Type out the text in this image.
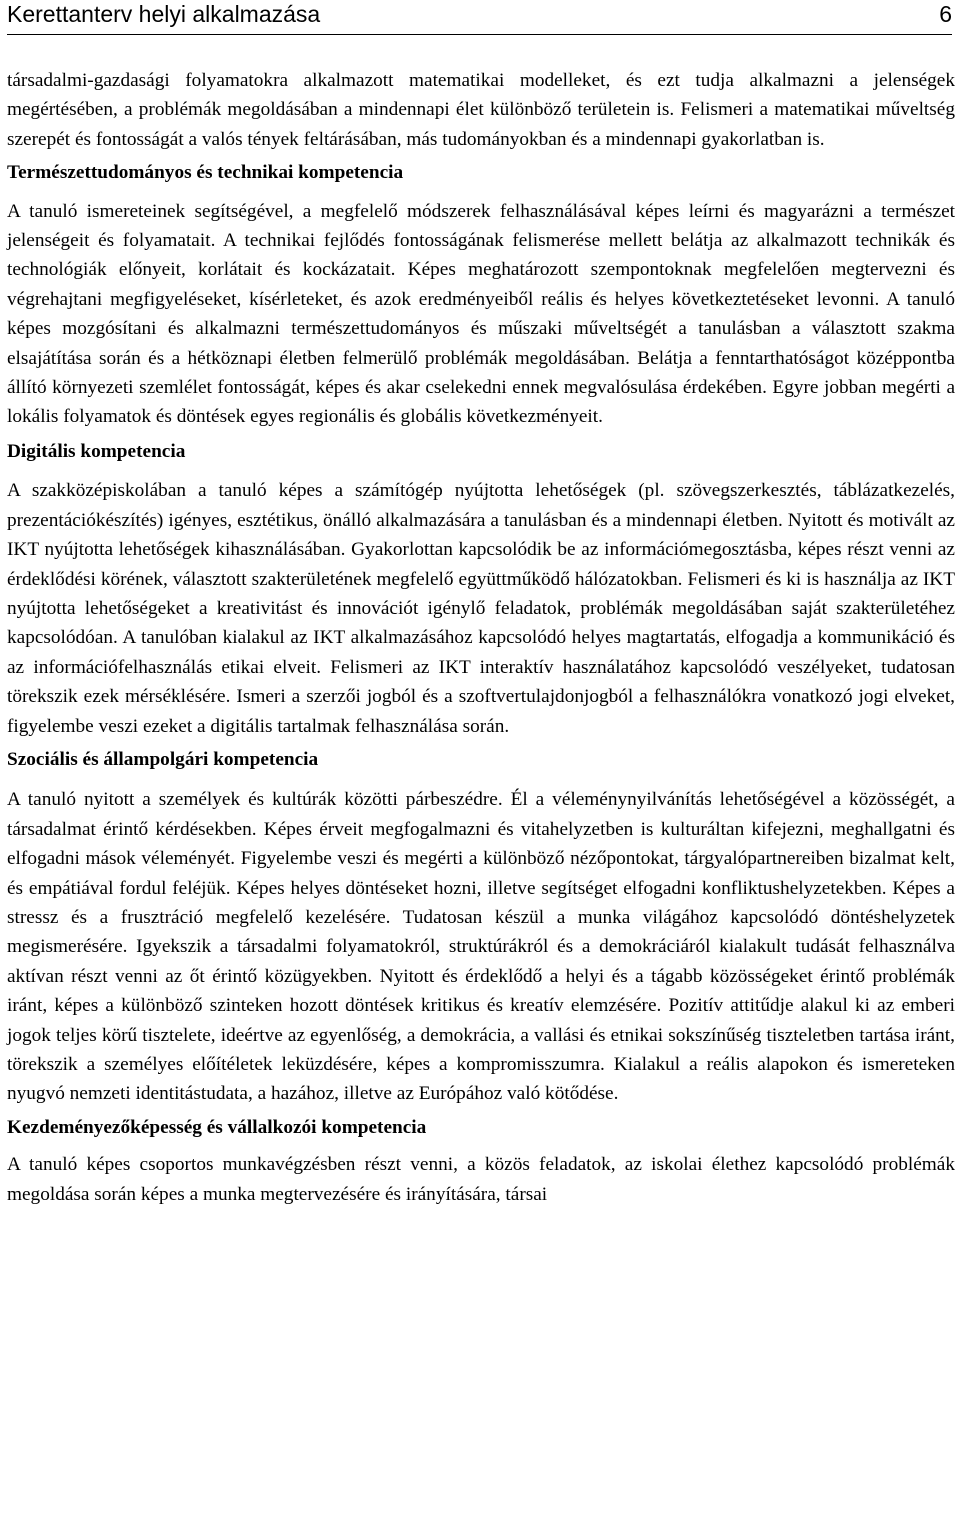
Kerettanterv helyi alkalmazása	6

társadalmi-gazdasági folyamatokra alkalmazott matematikai modelleket, és ezt tudja alkalmazni a jelenségek megértésében, a problémák megoldásában a mindennapi élet különböző területein is. Felismeri a matematikai műveltség szerepét és fontosságát a valós tények feltárásában, más tudományokban és a mindennapi gyakorlatban is.

Természettudományos és technikai kompetencia

A tanuló ismereteinek segítségével, a megfelelő módszerek felhasználásával képes leírni és magyarázni a természet jelenségeit és folyamatait. A technikai fejlődés fontosságának felismerése mellett belátja az alkalmazott technikák és technológiák előnyeit, korlátait és kockázatait. Képes meghatározott szempontoknak megfelelően megtervezni és végrehajtani megfigyeléseket, kísérleteket, és azok eredményeiből reális és helyes következtetéseket levonni. A tanuló képes mozgósítani és alkalmazni természettudományos és műszaki műveltségét a tanulásban a választott szakma elsajátítása során és a hétköznapi életben felmerülő problémák megoldásában. Belátja a fenntarthatóságot középpontba állító környezeti szemlélet fontosságát, képes és akar cselekedni ennek megvalósulása érdekében. Egyre jobban megérti a lokális folyamatok és döntések egyes regionális és globális következményeit.

Digitális kompetencia

A szakközépiskolában a tanuló képes a számítógép nyújtotta lehetőségek (pl. szövegszerkesztés, táblázatkezelés, prezentációkészítés) igényes, esztétikus, önálló alkalmazására a tanulásban és a mindennapi életben. Nyitott és motivált az IKT nyújtotta lehetőségek kihasználásában. Gyakorlottan kapcsolódik be az információmegosztásba, képes részt venni az érdeklődési körének, választott szakterületének megfelelő együttműködő hálózatokban. Felismeri és ki is használja az IKT nyújtotta lehetőségeket a kreativitást és innovációt igénylő feladatok, problémák megoldásában saját szakterületéhez kapcsolódóan. A tanulóban kialakul az IKT alkalmazásához kapcsolódó helyes magtartatás, elfogadja a kommunikáció és az információfelhasználás etikai elveit. Felismeri az IKT interaktív használatához kapcsolódó veszélyeket, tudatosan törekszik ezek mérséklésére. Ismeri a szerzői jogból és a szoftvertulajdonjogból a felhasználókra vonatkozó jogi elveket, figyelembe veszi ezeket a digitális tartalmak felhasználása során.

Szociális és állampolgári kompetencia

A tanuló nyitott a személyek és kultúrák közötti párbeszédre. Él a véleménynyilvánítás lehetőségével a közösségét, a társadalmat érintő kérdésekben. Képes érveit megfogalmazni és vitahelyzetben is kulturáltan kifejezni, meghallgatni és elfogadni mások véleményét. Figyelembe veszi és megérti a különböző nézőpontokat, tárgyalópartnereiben bizalmat kelt, és empátiával fordul feléjük. Képes helyes döntéseket hozni, illetve segítséget elfogadni konfliktushelyzetekben. Képes a stressz és a frusztráció megfelelő kezelésére. Tudatosan készül a munka világához kapcsolódó döntéshelyzetek megismerésére. Igyekszik a társadalmi folyamatokról, struktúrákról és a demokráciáról kialakult tudását felhasználva aktívan részt venni az őt érintő közügyekben. Nyitott és érdeklődő a helyi és a tágabb közösségeket érintő problémák iránt, képes a különböző szinteken hozott döntések kritikus és kreatív elemzésére. Pozitív attitűdje alakul ki az emberi jogok teljes körű tisztelete, ideértve az egyenlőség, a demokrácia, a vallási és etnikai sokszínűség tiszteletben tartása iránt, törekszik a személyes előítéletek leküzdésére, képes a kompromisszumra. Kialakul a reális alapokon és ismereteken nyugvó nemzeti identitástudata, a hazához, illetve az Európához való kötődése.

Kezdeményezőképesség és vállalkozói kompetencia

A tanuló képes csoportos munkavégzésben részt venni, a közös feladatok, az iskolai élethez kapcsolódó problémák megoldása során képes a munka megtervezésére és irányítására, társai
